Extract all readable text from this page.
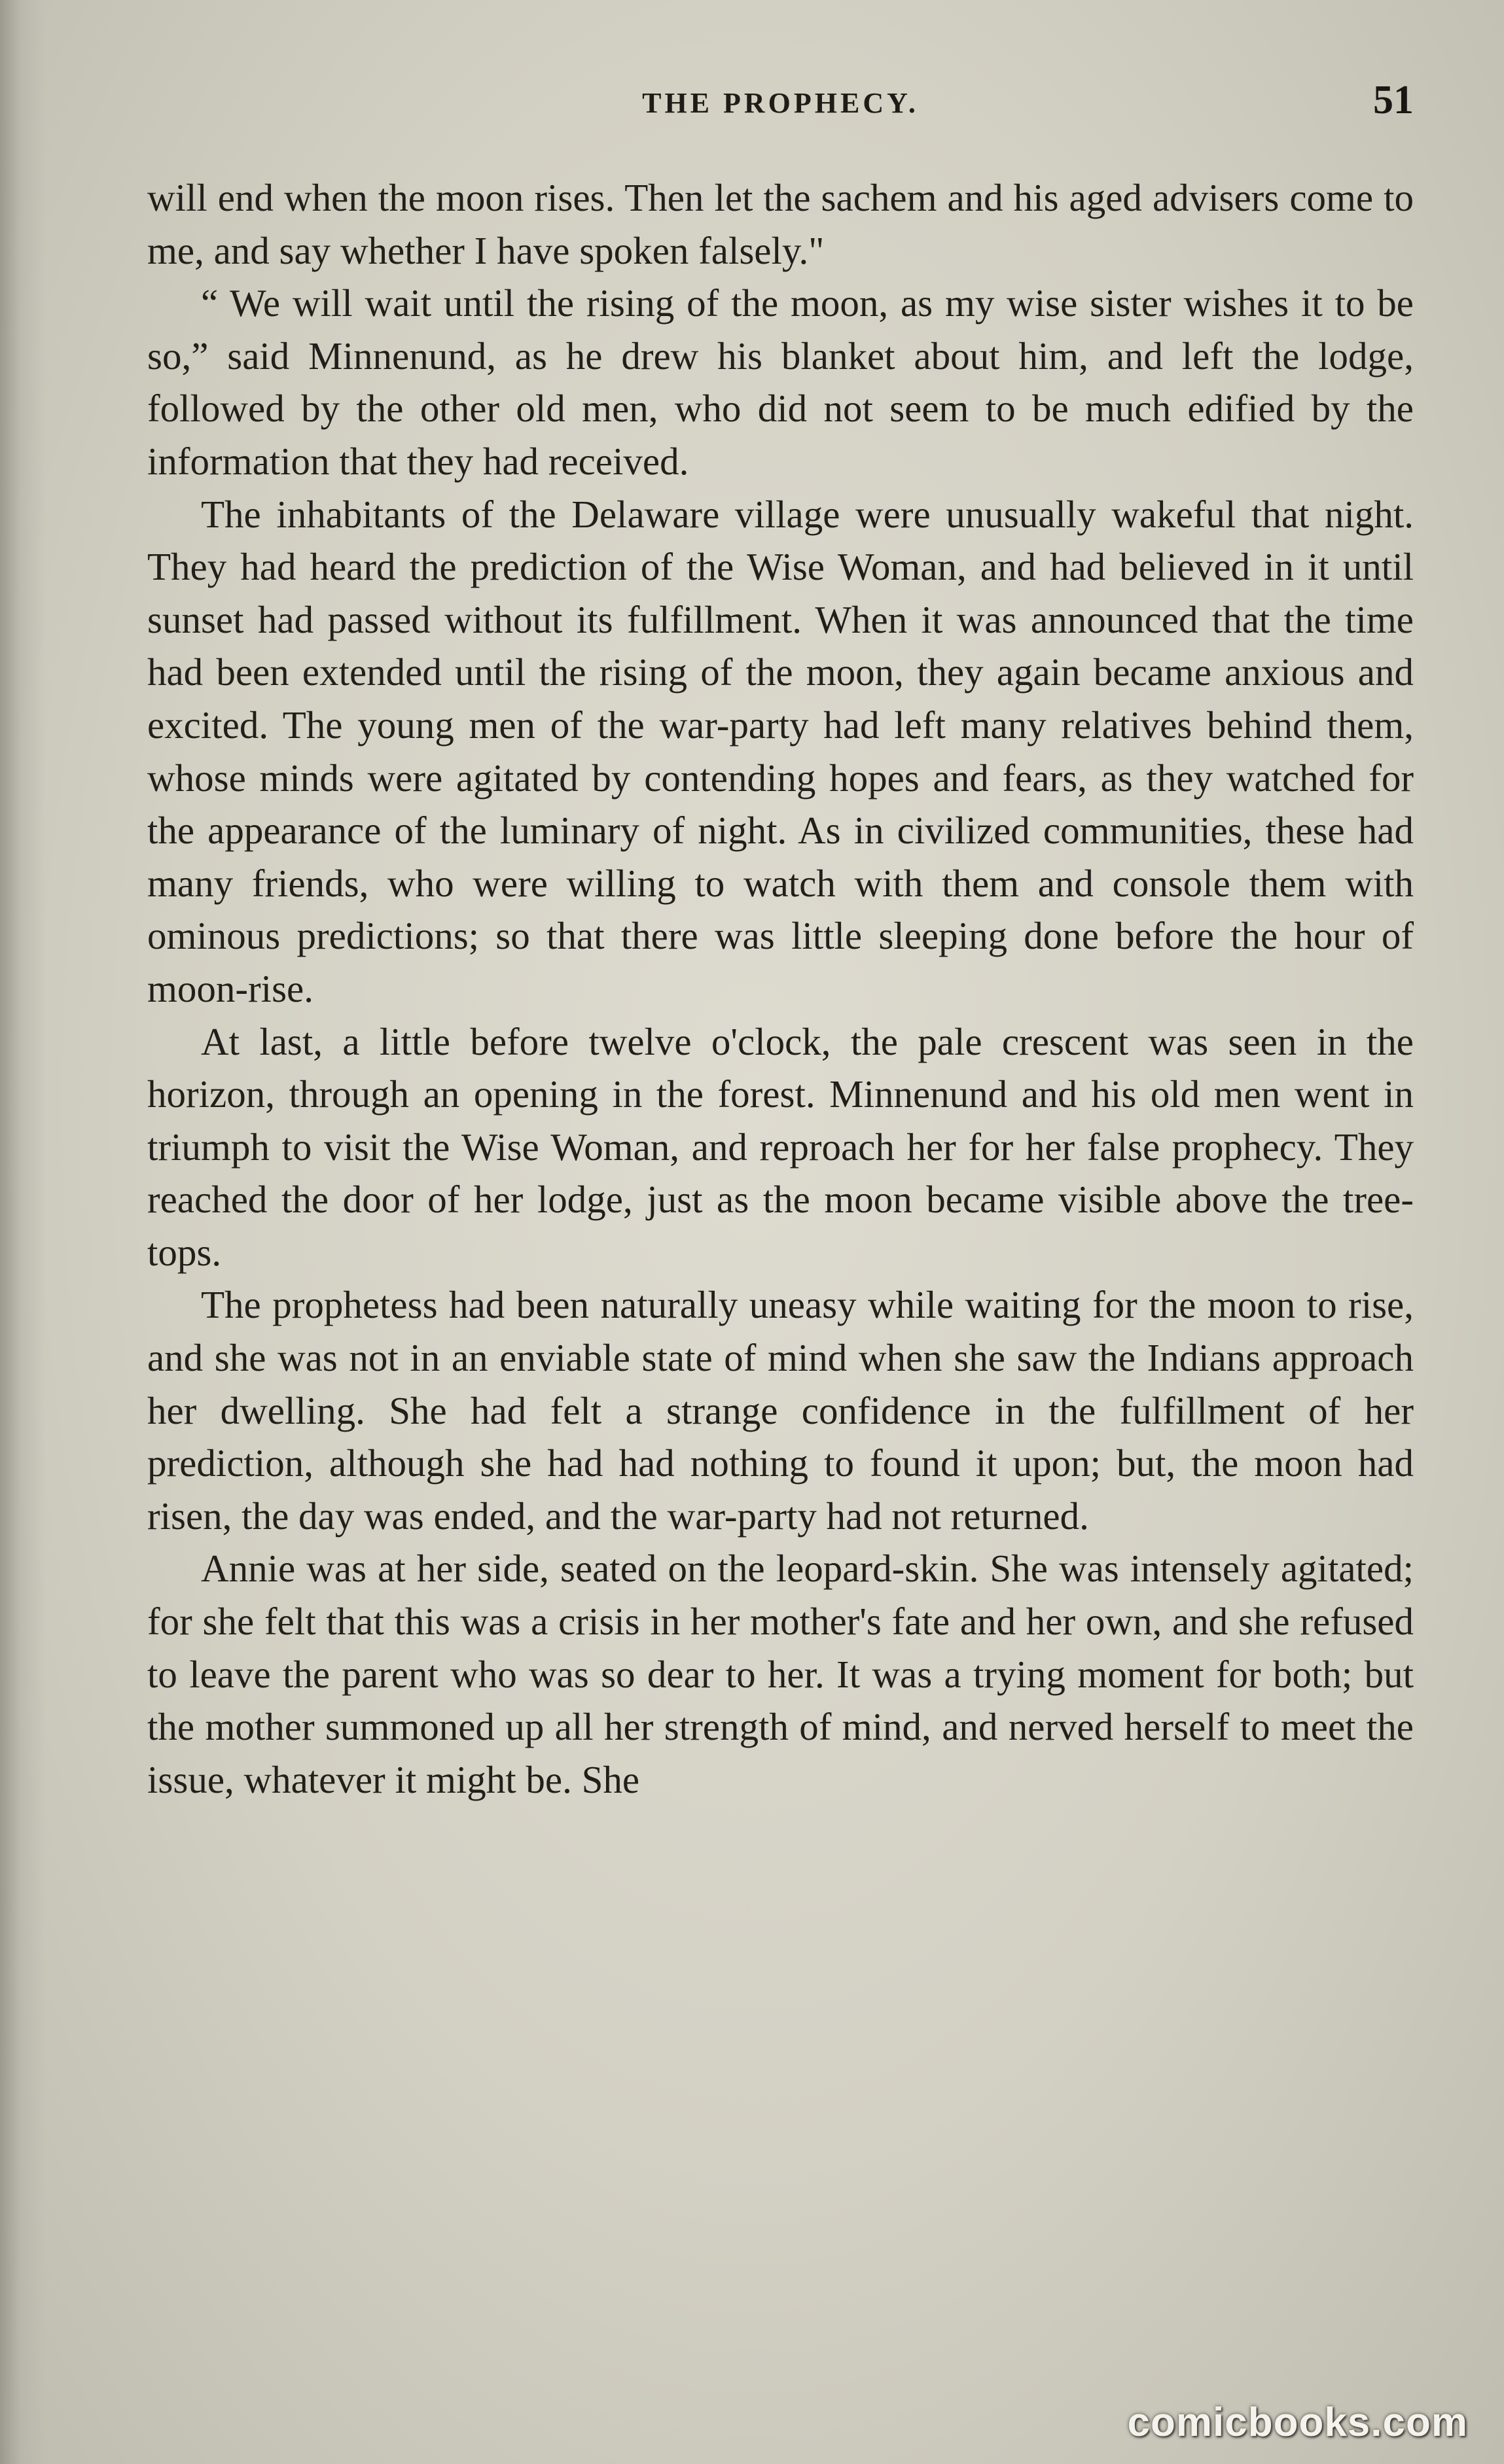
THE PROPHECY.	51

will end when the moon rises. Then let the sachem and his aged advisers come to me, and say whether I have spoken falsely."

“ We will wait until the rising of the moon, as my wise sister wishes it to be so,” said Minnenund, as he drew his blanket about him, and left the lodge, followed by the other old men, who did not seem to be much edified by the information that they had received.

The inhabitants of the Delaware village were unusually wakeful that night. They had heard the prediction of the Wise Woman, and had believed in it until sunset had passed without its fulfillment. When it was announced that the time had been extended until the rising of the moon, they again became anxious and excited. The young men of the war-party had left many relatives behind them, whose minds were agitated by contending hopes and fears, as they watched for the appearance of the luminary of night. As in civilized communities, these had many friends, who were willing to watch with them and console them with ominous predictions; so that there was little sleeping done before the hour of moon-rise.

At last, a little before twelve o'clock, the pale crescent was seen in the horizon, through an opening in the forest. Minnenund and his old men went in triumph to visit the Wise Woman, and reproach her for her false prophecy. They reached the door of her lodge, just as the moon became visible above the tree-tops.

The prophetess had been naturally uneasy while waiting for the moon to rise, and she was not in an enviable state of mind when she saw the Indians approach her dwelling. She had felt a strange confidence in the fulfillment of her prediction, although she had had nothing to found it upon; but, the moon had risen, the day was ended, and the war-party had not returned.

Annie was at her side, seated on the leopard-skin. She was intensely agitated; for she felt that this was a crisis in her mother's fate and her own, and she refused to leave the parent who was so dear to her. It was a trying moment for both; but the mother summoned up all her strength of mind, and nerved herself to meet the issue, whatever it might be. She

comicbooks.com
